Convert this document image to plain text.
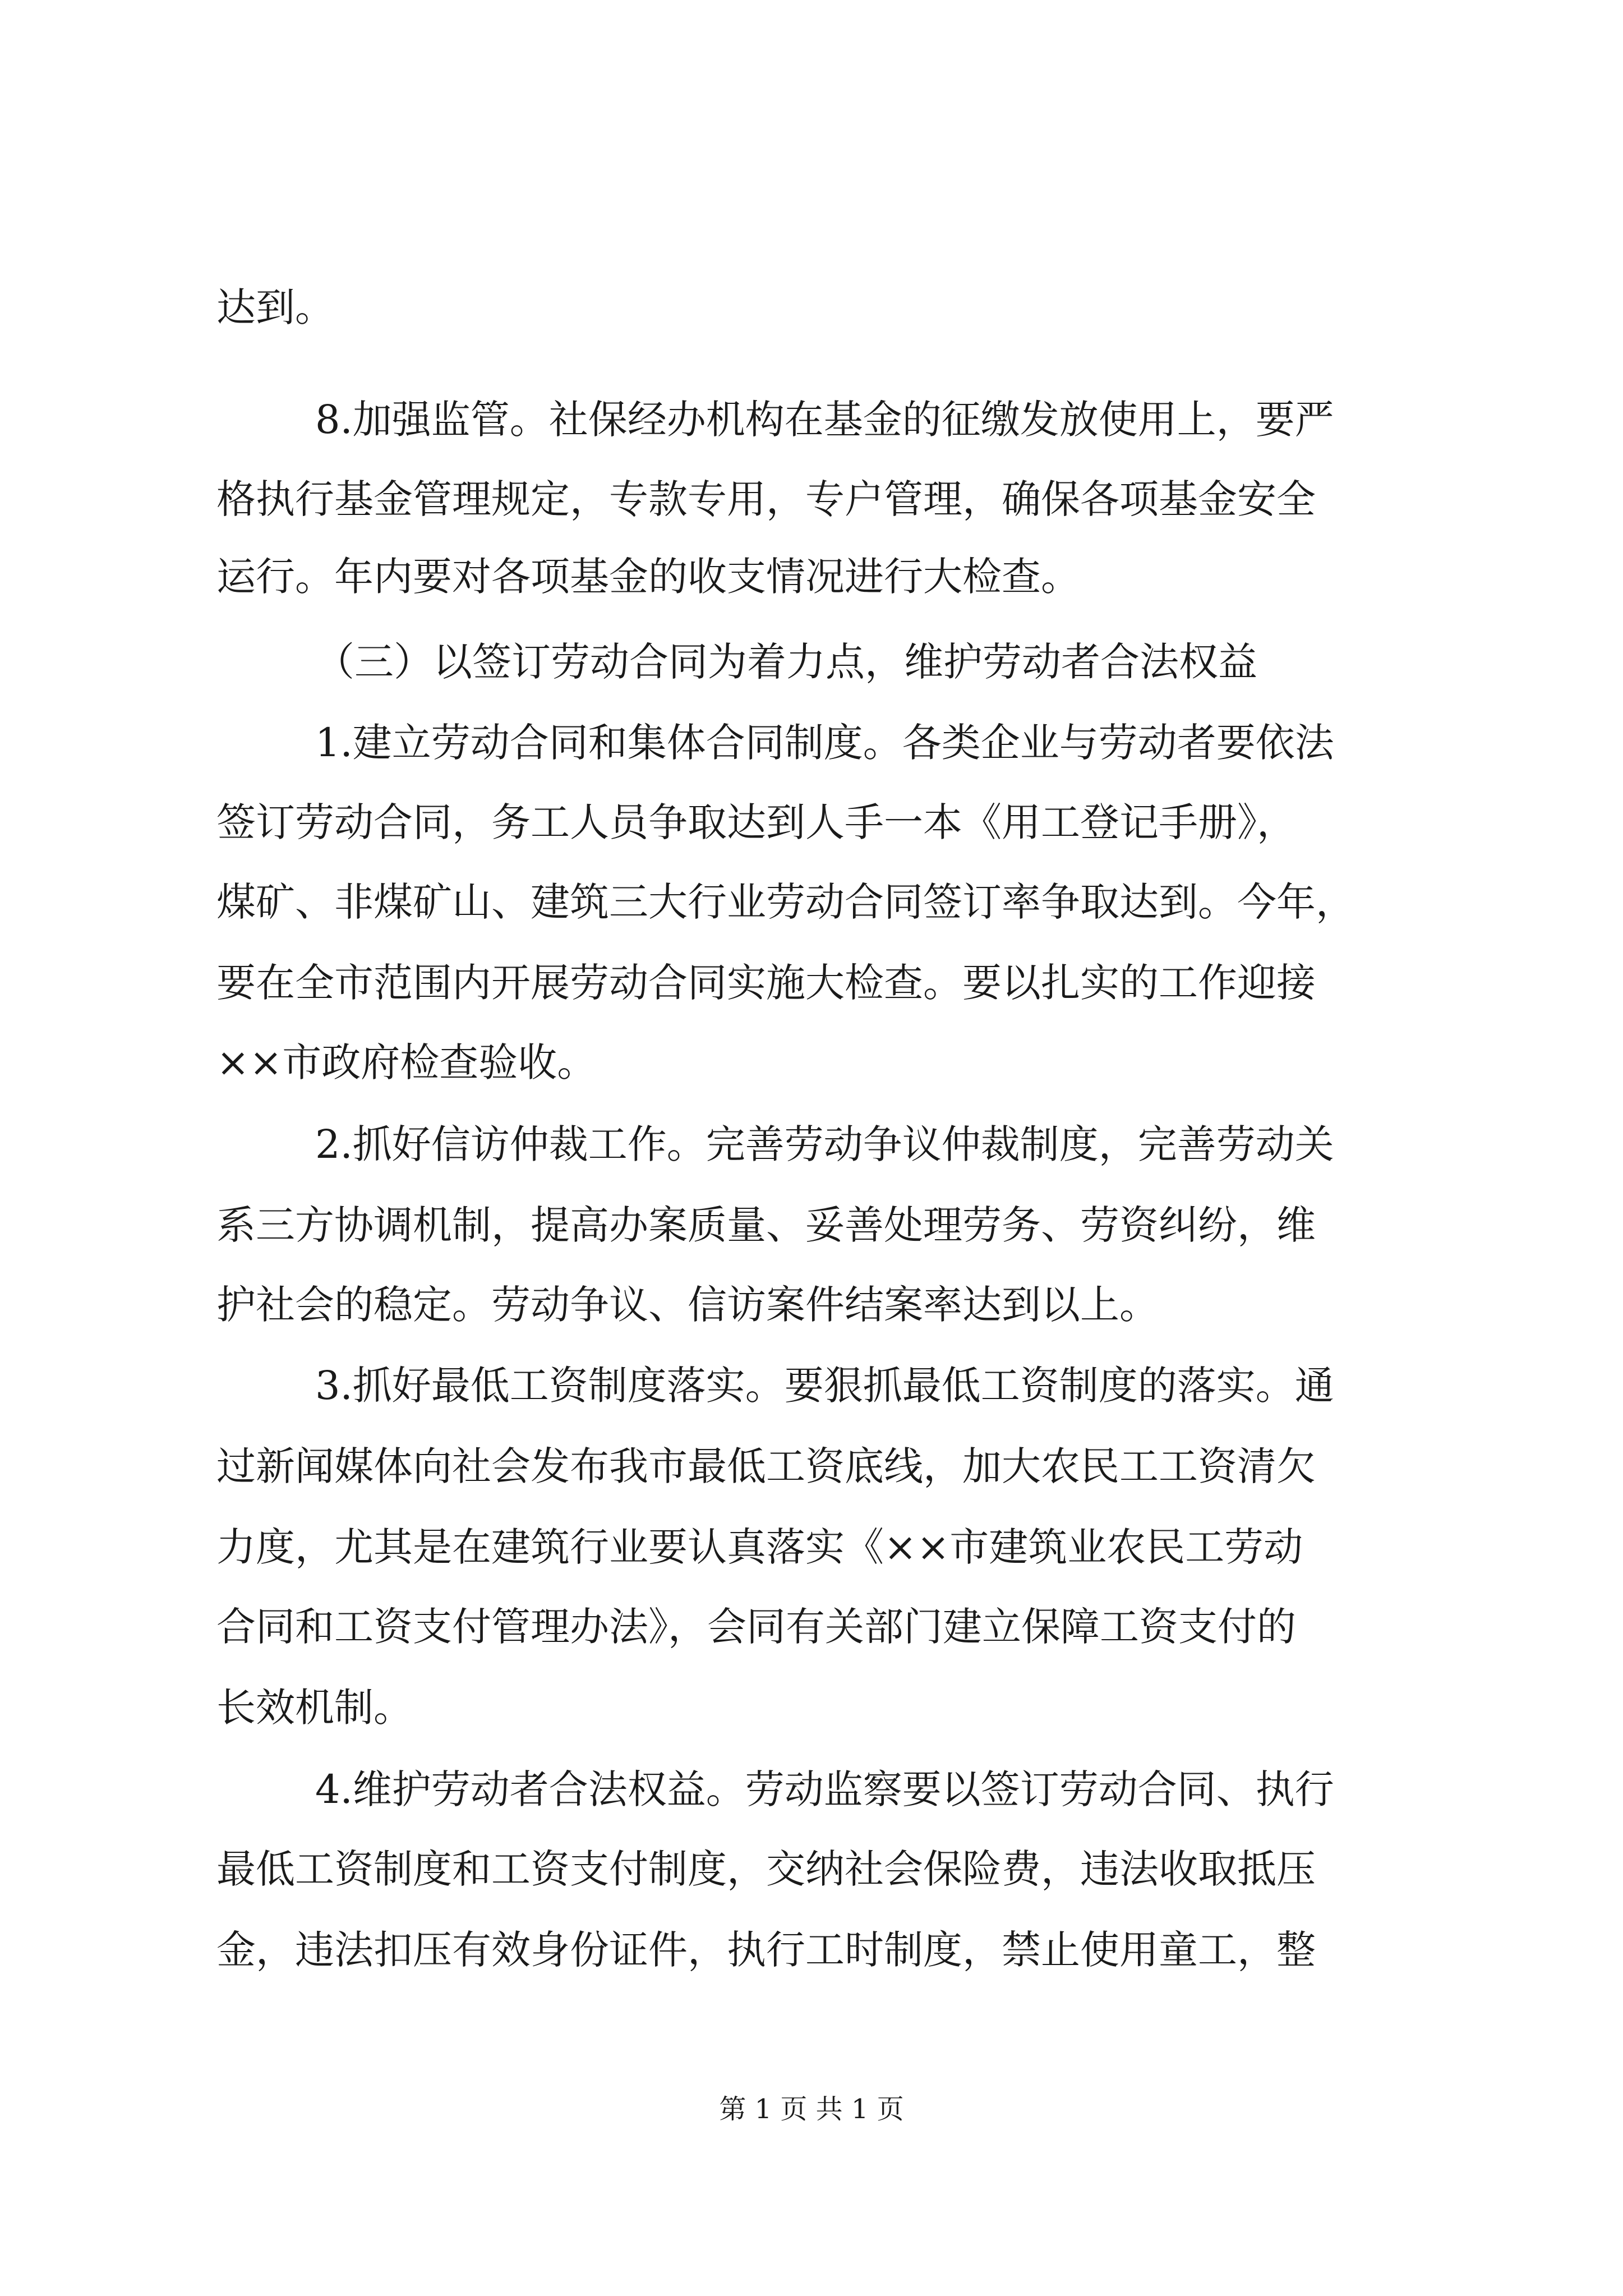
达到。
8.加强监管。社保经办机构在基金的征缴发放使用上，要严
格执行基金管理规定，专款专用，专户管理，确保各项基金安全
运行。年内要对各项基金的收支情况进行大检查。
（三）以签订劳动合同为着力点，维护劳动者合法权益
1.建立劳动合同和集体合同制度。各类企业与劳动者要依法
签订劳动合同，务工人员争取达到人手一本《用工登记手册》，
煤矿、非煤矿山、建筑三大行业劳动合同签订率争取达到。今年，
要在全市范围内开展劳动合同实施大检查。要以扎实的工作迎接
××市政府检查验收。
2.抓好信访仲裁工作。完善劳动争议仲裁制度，完善劳动关
系三方协调机制，提高办案质量、妥善处理劳务、劳资纠纷，维
护社会的稳定。劳动争议、信访案件结案率达到以上。
3.抓好最低工资制度落实。要狠抓最低工资制度的落实。通
过新闻媒体向社会发布我市最低工资底线，加大农民工工资清欠
力度，尤其是在建筑行业要认真落实《××市建筑业农民工劳动
合同和工资支付管理办法》，会同有关部门建立保障工资支付的
长效机制。
4.维护劳动者合法权益。劳动监察要以签订劳动合同、执行
最低工资制度和工资支付制度，交纳社会保险费，违法收取抵压
金，违法扣压有效身份证件，执行工时制度，禁止使用童工，整
第 1 页 共 1 页
